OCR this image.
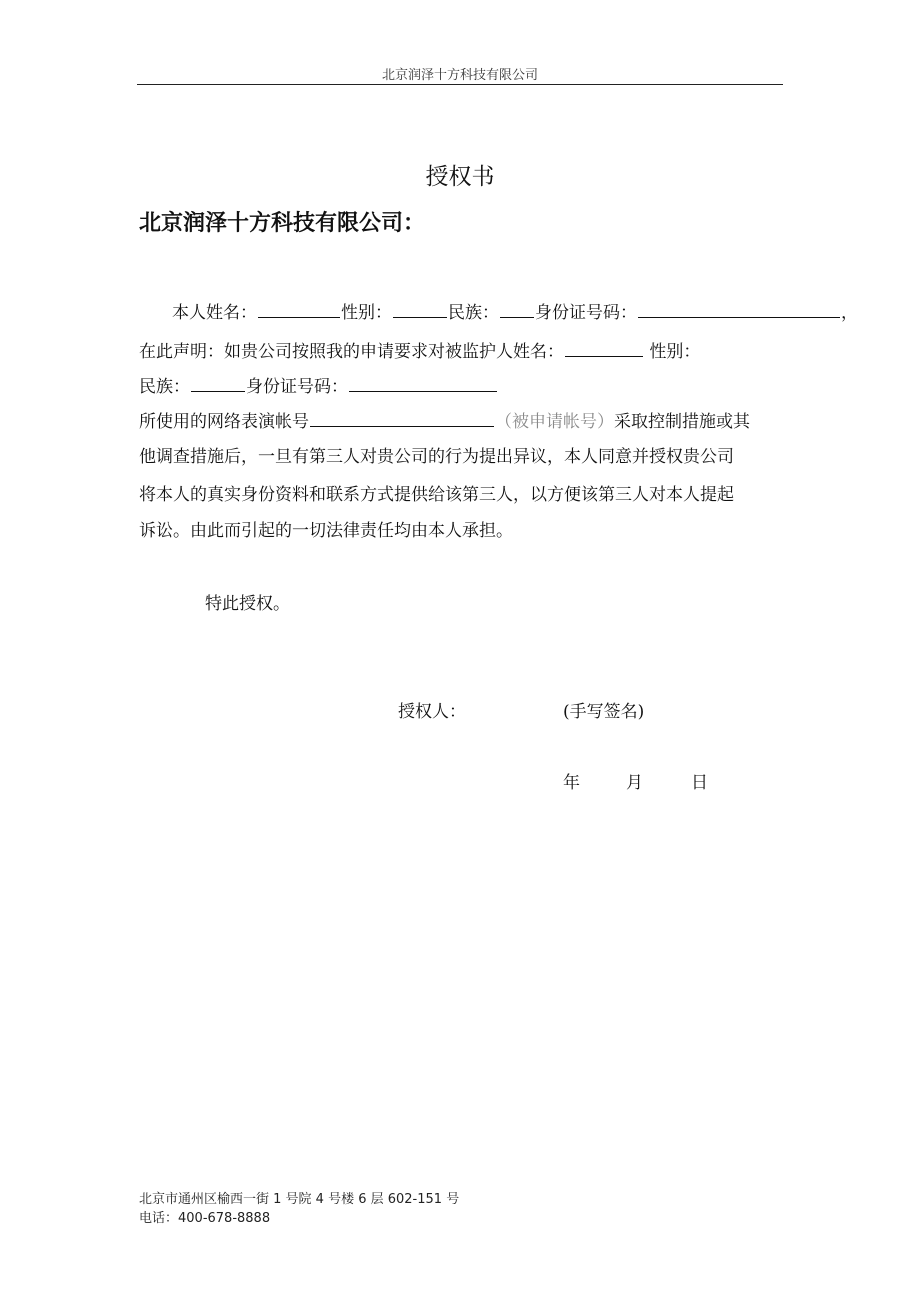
北京润泽十方科技有限公司
授权书
北京润泽十方科技有限公司：
本人姓名：	性别：	民族： 身份证号码：	，
在此声明：如贵公司按照我的申请要求对被监护人姓名：	性别：
民族：	身份证号码：
所使用的网络表演帐号	（被申请帐号）采取控制措施或其
他调查措施后，一旦有第三人对贵公司的行为提出异议，本人同意并授权贵公司
将本人的真实身份资料和联系方式提供给该第三人，以方便该第三人对本人提起
诉讼。由此而引起的一切法律责任均由本人承担。
特此授权。
授权人：	(手写签名)
年	月	日
北京市通州区榆西一街 1 号院 4 号楼 6 层 602-151 号
电话：400-678-8888
